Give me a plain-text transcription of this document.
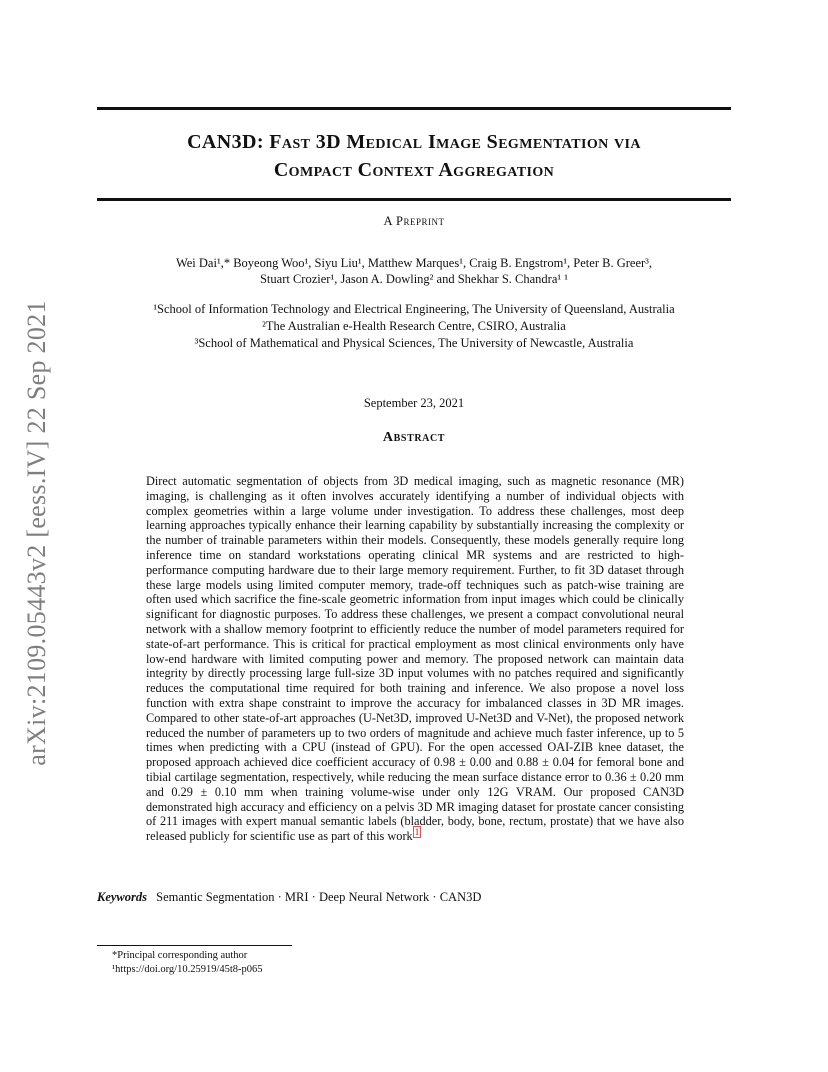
arXiv:2109.05443v2 [eess.IV] 22 Sep 2021
CAN3D: Fast 3D Medical Image Segmentation via
Compact Context Aggregation
A Preprint
Wei Dai¹,* Boyeong Woo¹, Siyu Liu¹, Matthew Marques¹, Craig B. Engstrom¹, Peter B. Greer³,
Stuart Crozier¹, Jason A. Dowling² and Shekhar S. Chandra¹ ¹
¹School of Information Technology and Electrical Engineering, The University of Queensland, Australia
²The Australian e-Health Research Centre, CSIRO, Australia
³School of Mathematical and Physical Sciences, The University of Newcastle, Australia
September 23, 2021
Abstract
Direct automatic segmentation of objects from 3D medical imaging, such as magnetic resonance (MR) imaging, is challenging as it often involves accurately identifying a number of individual objects with complex geometries within a large volume under investigation. To address these challenges, most deep learning approaches typically enhance their learning capability by substantially increasing the complexity or the number of trainable parameters within their models. Consequently, these models generally require long inference time on standard workstations operating clinical MR systems and are restricted to high-performance computing hardware due to their large memory requirement. Further, to fit 3D dataset through these large models using limited computer memory, trade-off techniques such as patch-wise training are often used which sacrifice the fine-scale geometric information from input images which could be clinically significant for diagnostic purposes. To address these challenges, we present a compact convolutional neural network with a shallow memory footprint to efficiently reduce the number of model parameters required for state-of-art performance. This is critical for practical employment as most clinical environments only have low-end hardware with limited computing power and memory. The proposed network can maintain data integrity by directly processing large full-size 3D input volumes with no patches required and significantly reduces the computational time required for both training and inference. We also propose a novel loss function with extra shape constraint to improve the accuracy for imbalanced classes in 3D MR images. Compared to other state-of-art approaches (U-Net3D, improved U-Net3D and V-Net), the proposed network reduced the number of parameters up to two orders of magnitude and achieve much faster inference, up to 5 times when predicting with a CPU (instead of GPU). For the open accessed OAI-ZIB knee dataset, the proposed approach achieved dice coefficient accuracy of 0.98 ± 0.00 and 0.88 ± 0.04 for femoral bone and tibial cartilage segmentation, respectively, while reducing the mean surface distance error to 0.36 ± 0.20 mm and 0.29 ± 0.10 mm when training volume-wise under only 12G VRAM. Our proposed CAN3D demonstrated high accuracy and efficiency on a pelvis 3D MR imaging dataset for prostate cancer consisting of 211 images with expert manual semantic labels (bladder, body, bone, rectum, prostate) that we have also released publicly for scientific use as part of this work $^1$
Keywords Semantic Segmentation · MRI · Deep Neural Network · CAN3D
*Principal corresponding author
¹https://doi.org/10.25919/45t8-p065
